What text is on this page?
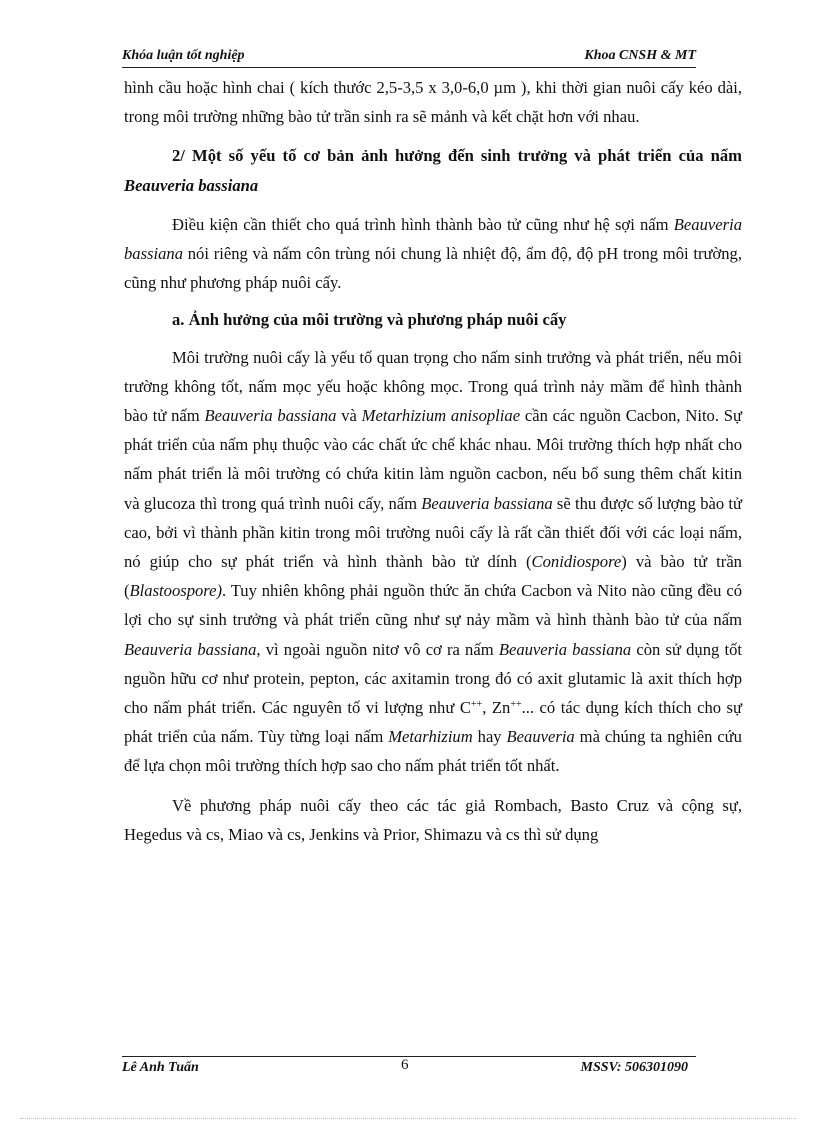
Khóa luận tốt nghiệp	Khoa CNSH & MT

hình cầu hoặc hình chai ( kích thước 2,5-3,5 x 3,0-6,0 µm ), khi thời gian nuôi cấy kéo dài, trong môi trường những bào tử trần sinh ra sẽ mảnh và kết chặt hơn với nhau.

2/ Một số yếu tố cơ bản ảnh hưởng đến sinh trưởng và phát triển của nấm Beauveria bassiana

Điều kiện cần thiết cho quá trình hình thành bào tử cũng như hệ sợi nấm Beauveria bassiana nói riêng và nấm côn trùng nói chung là nhiệt độ, ẩm độ, độ pH trong môi trường, cũng như phương pháp nuôi cấy.

a. Ảnh hưởng của môi trường và phương pháp nuôi cấy

Môi trường nuôi cấy là yếu tố quan trọng cho nấm sinh trưởng và phát triển, nếu môi trường không tốt, nấm mọc yếu hoặc không mọc. Trong quá trình nảy mầm để hình thành bào tử nấm Beauveria bassiana và Metarhizium anisopliae cần các nguồn Cacbon, Nito. Sự phát triển của nấm phụ thuộc vào các chất ức chế khác nhau. Môi trường thích hợp nhất cho nấm phát triển là môi trường có chứa kitin làm nguồn cacbon, nếu bổ sung thêm chất kitin và glucoza thì trong quá trình nuôi cấy, nấm Beauveria bassiana sẽ thu được số lượng bào tử cao, bởi vì thành phần kitin trong môi trường nuôi cấy là rất cần thiết đối với các loại nấm, nó giúp cho sự phát triển và hình thành bào tử dính (Conidiospore) và bào tử trần (Blastoospore). Tuy nhiên không phải nguồn thức ăn chứa Cacbon và Nito nào cũng đều có lợi cho sự sinh trưởng và phát triển cũng như sự nảy mầm và hình thành bào tử của nấm Beauveria bassiana, vì ngoài nguồn nitơ vô cơ ra nấm Beauveria bassiana còn sử dụng tốt nguồn hữu cơ như protein, pepton, các axitamin trong đó có axit glutamic là axit thích hợp cho nấm phát triển. Các nguyên tố vi lượng như C++, Zn++... có tác dụng kích thích cho sự phát triển của nấm. Tùy từng loại nấm Metarhizium hay Beauveria mà chúng ta nghiên cứu để lựa chọn môi trường thích hợp sao cho nấm phát triển tốt nhất.

Về phương pháp nuôi cấy theo các tác giả Rombach, Basto Cruz và cộng sự, Hegedus và cs, Miao và cs, Jenkins và Prior, Shimazu và cs thì sử dụng

Lê Anh Tuấn	6	MSSV: 506301090
